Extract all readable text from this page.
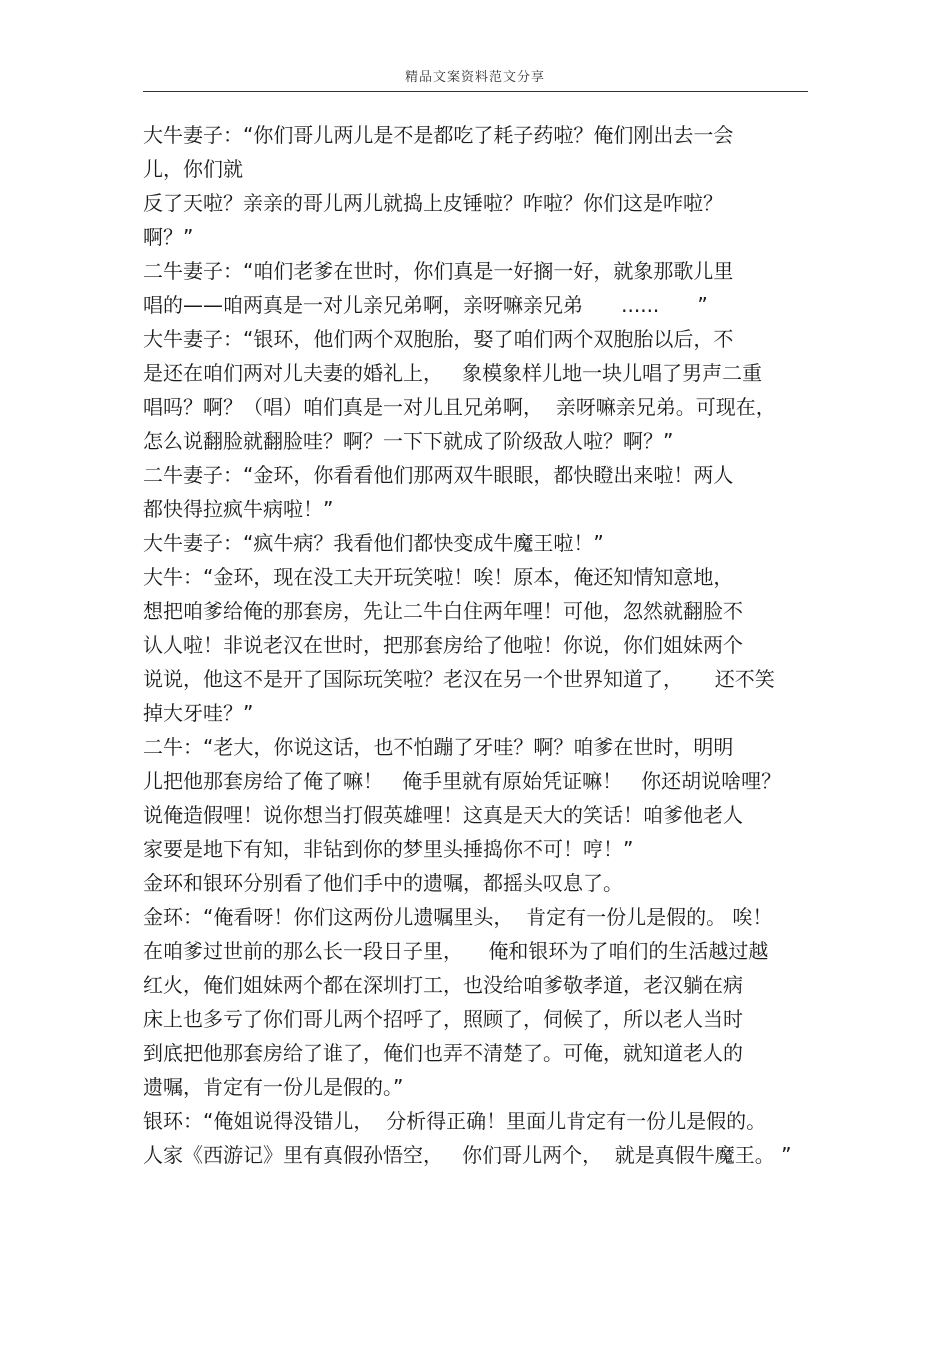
精品文案资料范文分享
大牛妻子：“你们哥儿两儿是不是都吃了耗子药啦？俺们刚出去一会
儿，你们就
反了天啦？亲亲的哥儿两儿就捣上皮锤啦？咋啦？你们这是咋啦？
啊？”
二牛妻子：“咱们老爹在世时，你们真是一好搁一好，就象那歌儿里
唱的——咱两真是一对儿亲兄弟啊，亲呀嘛亲兄弟      ......      ”
大牛妻子：“银环，他们两个双胞胎，娶了咱们两个双胞胎以后，不
是还在咱们两对儿夫妻的婚礼上，   象模象样儿地一块儿唱了男声二重
唱吗？啊？（唱）咱们真是一对儿且兄弟啊，  亲呀嘛亲兄弟。可现在，
怎么说翻脸就翻脸哇？啊？一下下就成了阶级敌人啦？啊？”
二牛妻子：“金环，你看看他们那两双牛眼眼，都快瞪出来啦！两人
都快得拉疯牛病啦！”
大牛妻子：“疯牛病？我看他们都快变成牛魔王啦！”
大牛：“金环，现在没工夫开玩笑啦！唉！原本，俺还知情知意地，
想把咱爹给俺的那套房，先让二牛白住两年哩！可他，忽然就翻脸不
认人啦！非说老汉在世时，把那套房给了他啦！你说，你们姐妹两个
说说，他这不是开了国际玩笑啦？老汉在另一个世界知道了，     还不笑
掉大牙哇？”
二牛：“老大，你说这话，也不怕蹦了牙哇？啊？咱爹在世时，明明
儿把他那套房给了俺了嘛！   俺手里就有原始凭证嘛！   你还胡说啥哩？
说俺造假哩！说你想当打假英雄哩！这真是天大的笑话！咱爹他老人
家要是地下有知，非钻到你的梦里头捶捣你不可！哼！”
金环和银环分别看了他们手中的遗嘱，都摇头叹息了。
金环：“俺看呀！你们这两份儿遗嘱里头，  肯定有一份儿是假的。 唉！
在咱爹过世前的那么长一段日子里，    俺和银环为了咱们的生活越过越
红火，俺们姐妹两个都在深圳打工，也没给咱爹敬孝道，老汉躺在病
床上也多亏了你们哥儿两个招呼了，照顾了，伺候了，所以老人当时
到底把他那套房给了谁了，俺们也弄不清楚了。可俺，就知道老人的
遗嘱，肯定有一份儿是假的。”
银环：“俺姐说得没错儿，  分析得正确！里面儿肯定有一份儿是假的。
人家《西游记》里有真假孙悟空，   你们哥儿两个，  就是真假牛魔王。 ”
